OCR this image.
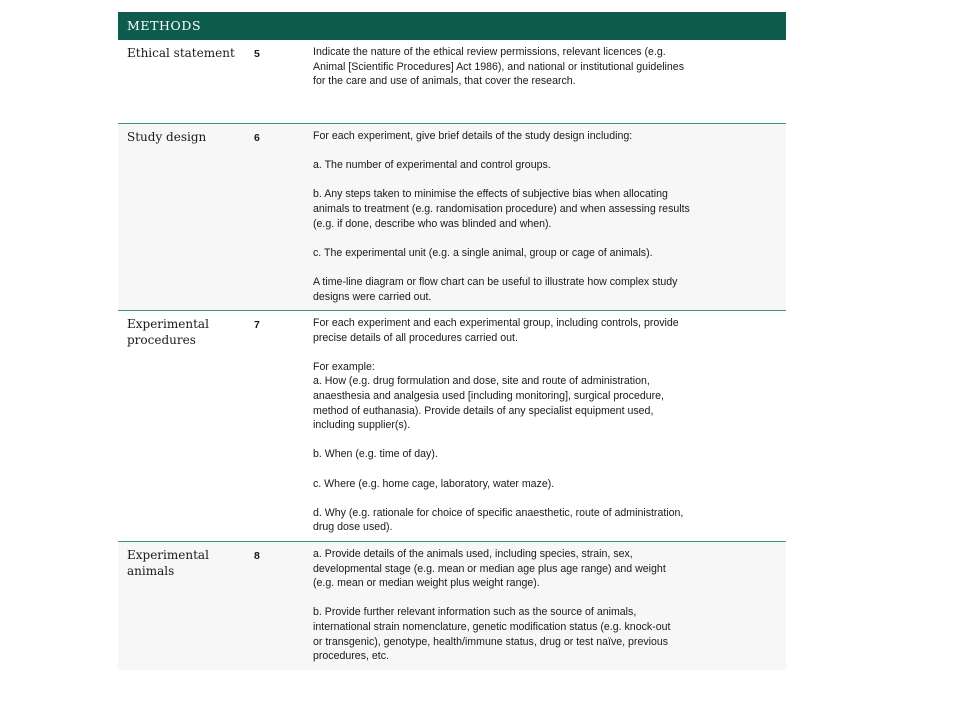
METHODS
Ethical statement	5	Indicate the nature of the ethical review permissions, relevant licences (e.g.
Animal [Scientific Procedures] Act 1986), and national or institutional guidelines
for the care and use of animals, that cover the research.

Study design	6	For each experiment, give brief details of the study design including:

a. The number of experimental and control groups.

b. Any steps taken to minimise the effects of subjective bias when allocating
animals to treatment (e.g. randomisation procedure) and when assessing results
(e.g. if done, describe who was blinded and when).

c. The experimental unit (e.g. a single animal, group or cage of animals).

A time-line diagram or flow chart can be useful to illustrate how complex study
designs were carried out.

Experimental
procedures
7	For each experiment and each experimental group, including controls, provide
precise details of all procedures carried out.

For example:
a. How (e.g. drug formulation and dose, site and route of administration,
anaesthesia and analgesia used [including monitoring], surgical procedure,
method of euthanasia). Provide details of any specialist equipment used,
including supplier(s).

b. When (e.g. time of day).

c. Where (e.g. home cage, laboratory, water maze).

d. Why (e.g. rationale for choice of specific anaesthetic, route of administration,
drug dose used).

Experimental
animals
8	a. Provide details of the animals used, including species, strain, sex,
developmental stage (e.g. mean or median age plus age range) and weight
(e.g. mean or median weight plus weight range).

b. Provide further relevant information such as the source of animals,
international strain nomenclature, genetic modification status (e.g. knock-out
or transgenic), genotype, health/immune status, drug or test naïve, previous
procedures, etc.
